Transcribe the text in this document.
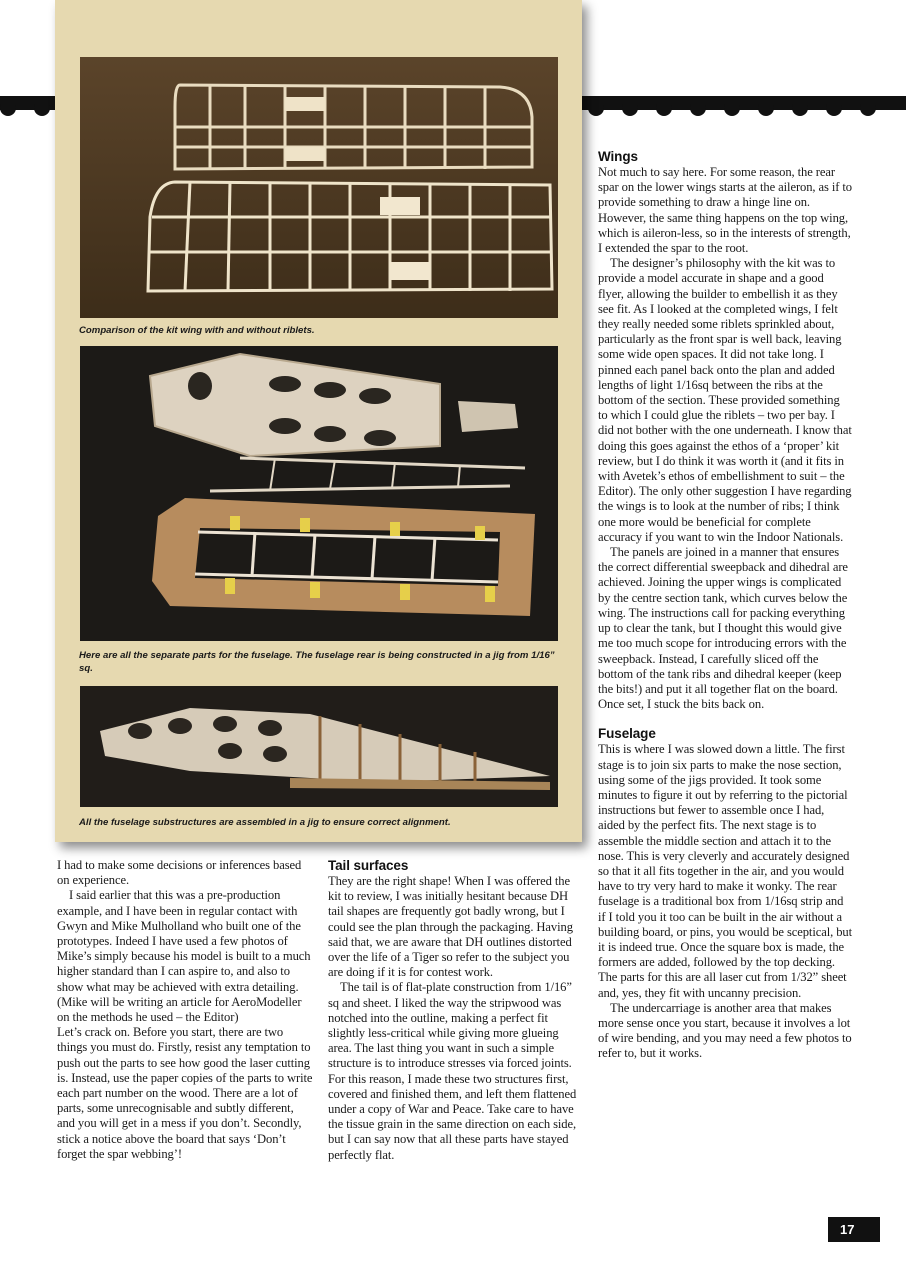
Comparison of the kit wing with and without riblets.
Here are all the separate parts for the fuselage. The fuselage rear is being constructed in a jig from 1/16” sq.
All the fuselage substructures are assembled in a jig to ensure correct alignment.

I had to make some decisions or inferences based on experience.

I said earlier that this was a pre-production example, and I have been in regular contact with Gwyn and Mike Mulholland who built one of the prototypes. Indeed I have used a few photos of Mike’s simply because his model is built to a much higher standard than I can aspire to, and also to show what may be achieved with extra detailing. (Mike will be writing an article for AeroModeller on the methods he used – the Editor)

Let’s crack on. Before you start, there are two things you must do. Firstly, resist any temptation to push out the parts to see how good the laser cutting is. Instead, use the paper copies of the parts to write each part number on the wood. There are a lot of parts, some unrecognisable and subtly different, and you will get in a mess if you don’t. Secondly, stick a notice above the board that says ‘Don’t forget the spar webbing’!

Tail surfaces

They are the right shape! When I was offered the kit to review, I was initially hesitant because DH tail shapes are frequently got badly wrong, but I could see the plan through the packaging. Having said that, we are aware that DH outlines distorted over the life of a Tiger so refer to the subject you are doing if it is for contest work.

The tail is of flat-plate construction from 1/16” sq and sheet. I liked the way the stripwood was notched into the outline, making a perfect fit slightly less-critical while giving more glueing area. The last thing you want in such a simple structure is to introduce stresses via forced joints. For this reason, I made these two structures first, covered and finished them, and left them flattened under a copy of War and Peace. Take care to have the tissue grain in the same direction on each side, but I can say now that all these parts have stayed perfectly flat.

Wings

Not much to say here. For some reason, the rear spar on the lower wings starts at the aileron, as if to provide something to draw a hinge line on. However, the same thing happens on the top wing, which is aileron-less, so in the interests of strength, I extended the spar to the root.

The designer’s philosophy with the kit was to provide a model accurate in shape and a good flyer, allowing the builder to embellish it as they see fit. As I looked at the completed wings, I felt they really needed some riblets sprinkled about, particularly as the front spar is well back, leaving some wide open spaces. It did not take long. I pinned each panel back onto the plan and added lengths of light 1/16sq between the ribs at the bottom of the section. These provided something to which I could glue the riblets – two per bay. I did not bother with the one underneath. I know that doing this goes against the ethos of a ‘proper’ kit review, but I do think it was worth it (and it fits in with Avetek’s ethos of embellishment to suit – the Editor). The only other suggestion I have regarding the wings is to look at the number of ribs; I think one more would be beneficial for complete accuracy if you want to win the Indoor Nationals.

The panels are joined in a manner that ensures the correct differential sweepback and dihedral are achieved. Joining the upper wings is complicated by the centre section tank, which curves below the wing. The instructions call for packing everything up to clear the tank, but I thought this would give me too much scope for introducing errors with the sweepback. Instead, I carefully sliced off the bottom of the tank ribs and dihedral keeper (keep the bits!) and put it all together flat on the board. Once set, I stuck the bits back on.

Fuselage

This is where I was slowed down a little. The first stage is to join six parts to make the nose section, using some of the jigs provided. It took some minutes to figure it out by referring to the pictorial instructions but fewer to assemble once I had, aided by the perfect fits. The next stage is to assemble the middle section and attach it to the nose. This is very cleverly and accurately designed so that it all fits together in the air, and you would have to try very hard to make it wonky. The rear fuselage is a traditional box from 1/16sq strip and if I told you it too can be built in the air without a building board, or pins, you would be sceptical, but it is indeed true. Once the square box is made, the formers are added, followed by the top decking. The parts for this are all laser cut from 1/32” sheet and, yes, they fit with uncanny precision.

The undercarriage is another area that makes more sense once you start, because it involves a lot of wire bending, and you may need a few photos to refer to, but it works.

17
